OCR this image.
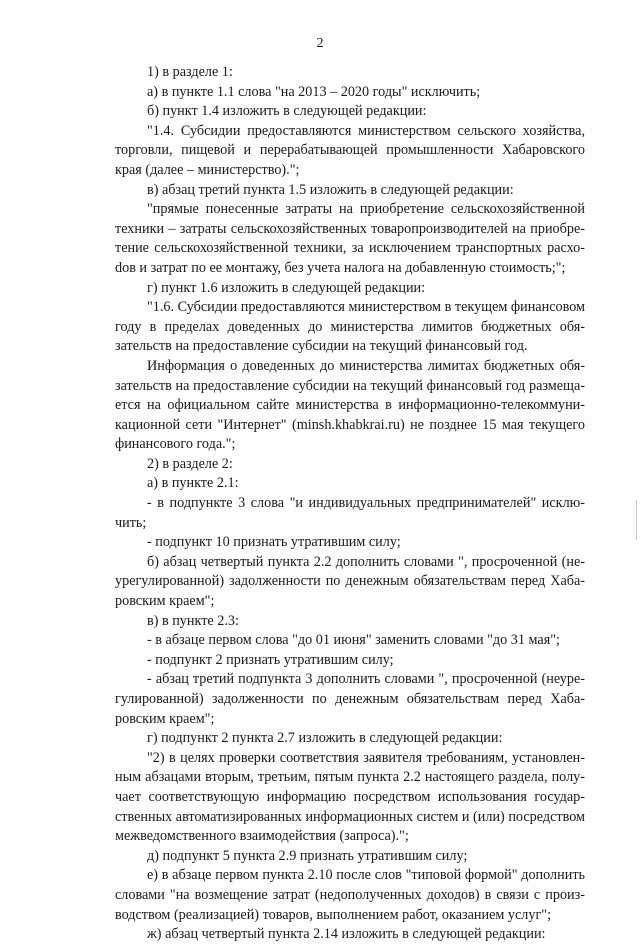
2

1) в разделе 1:

а) в пункте 1.1 слова "на 2013 – 2020 годы" исключить;

б) пункт 1.4 изложить в следующей редакции:

"1.4. Субсидии предоставляются министерством сельского хозяйства, торговли, пищевой и перерабатывающей промышленности Хабаровского края (далее – министерство).";

в) абзац третий пункта 1.5 изложить в следующей редакции:

"прямые понесенные затраты на приобретение сельскохозяйственной техники – затраты сельскохозяйственных товаропроизводителей на приобретение сельскохозяйственной техники, за исключением транспортных расхоdов и затрат по ее монтажу, без учета налога на добавленную стоимость;";

г) пункт 1.6 изложить в следующей редакции:

"1.6. Субсидии предоставляются министерством в текущем финансовом году в пределах доведенных до министерства лимитов бюджетных обязательств на предоставление субсидии на текущий финансовый год.

Информация о доведенных до министерства лимитах бюджетных обязательств на предоставление субсидии на текущий финансовый год размещается на официальном сайте министерства в информационно-телекоммуникационной сети "Интернет" (minsh.khabkrai.ru) не позднее 15 мая текущего финансового года.";

2) в разделе 2:

а) в пункте 2.1:

- в подпункте 3 слова "и индивидуальных предпринимателей" исключить;

- подпункт 10 признать утратившим силу;

б) абзац четвертый пункта 2.2 дополнить словами ", просроченной (неурегулированной) задолженности по денежным обязательствам перед Хабаровским краем";

в) в пункте 2.3:

- в абзаце первом слова "до 01 июня" заменить словами "до 31 мая";

- подпункт 2 признать утратившим силу;

- абзац третий подпункта 3 дополнить словами ", просроченной (неурегулированной) задолженности по денежным обязательствам перед Хабаровским краем";

г) подпункт 2 пункта 2.7 изложить в следующей редакции:

"2) в целях проверки соответствия заявителя требованиям, установленным абзацами вторым, третьим, пятым пункта 2.2 настоящего раздела, получает соответствующую информацию посредством использования государственных автоматизированных информационных систем и (или) посредством межведомственного взаимодействия (запроса).";

д) подпункт 5 пункта 2.9 признать утратившим силу;

е) в абзаце первом пункта 2.10 после слов "типовой формой" дополнить словами "на возмещение затрат (недополученных доходов) в связи с производством (реализацией) товаров, выполнением работ, оказанием услуг";

ж) абзац четвертый пункта 2.14 изложить в следующей редакции:
